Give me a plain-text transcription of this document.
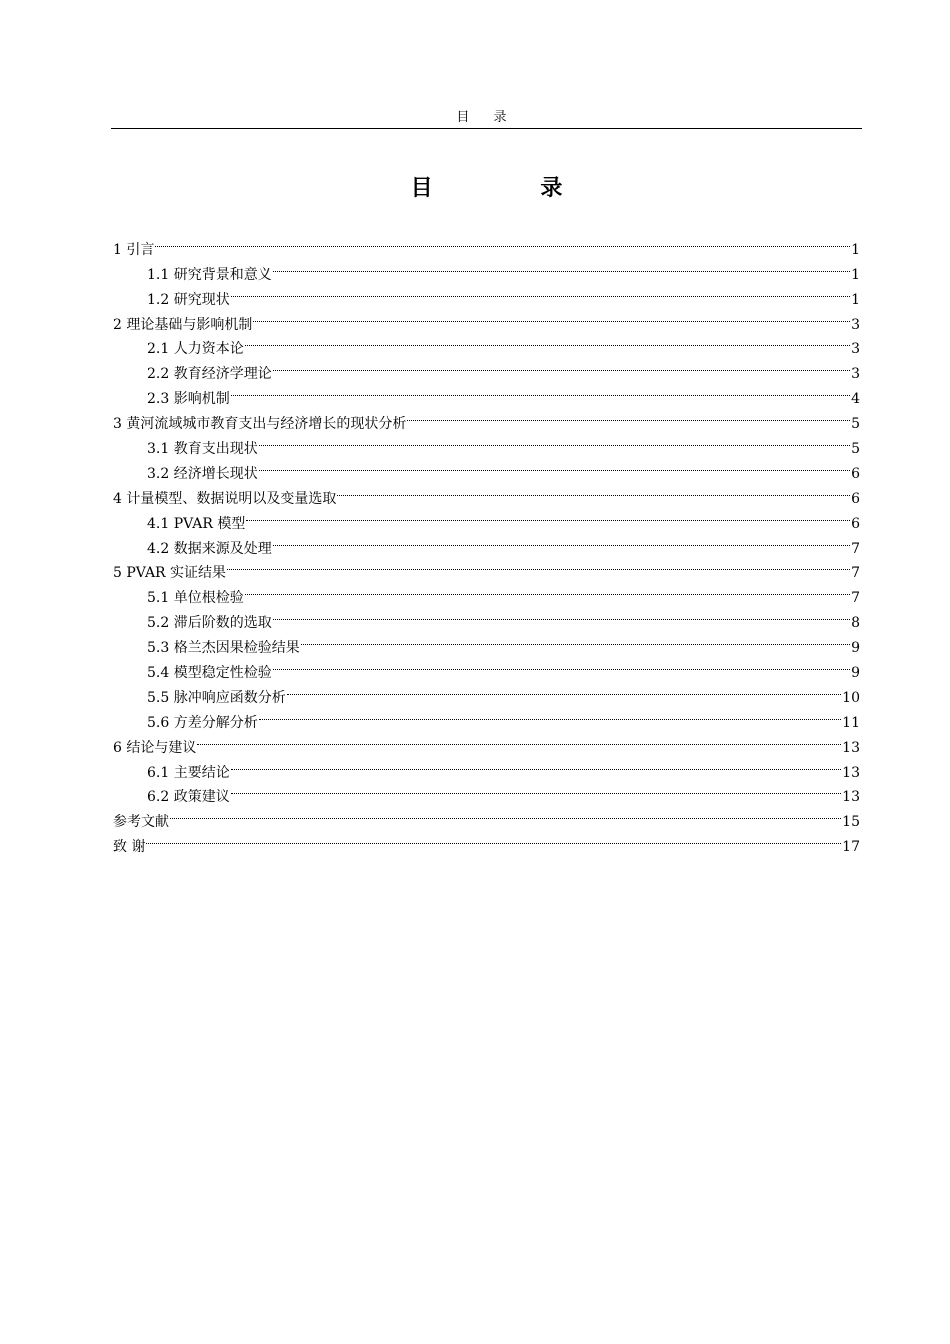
目 录
目 录
1 引言	1
1.1 研究背景和意义	1
1.2 研究现状	1
2 理论基础与影响机制	3
2.1 人力资本论	3
2.2 教育经济学理论	3
2.3 影响机制	4
3 黄河流域城市教育支出与经济增长的现状分析	5
3.1 教育支出现状	5
3.2 经济增长现状	6
4 计量模型、数据说明以及变量选取	6
4.1 PVAR 模型	6
4.2 数据来源及处理	7
5 PVAR 实证结果	7
5.1 单位根检验	7
5.2 滞后阶数的选取	8
5.3 格兰杰因果检验结果	9
5.4 模型稳定性检验	9
5.5 脉冲响应函数分析	10
5.6 方差分解分析	11
6 结论与建议	13
6.1 主要结论	13
6.2 政策建议	13
参考文献	15
致 谢	17
